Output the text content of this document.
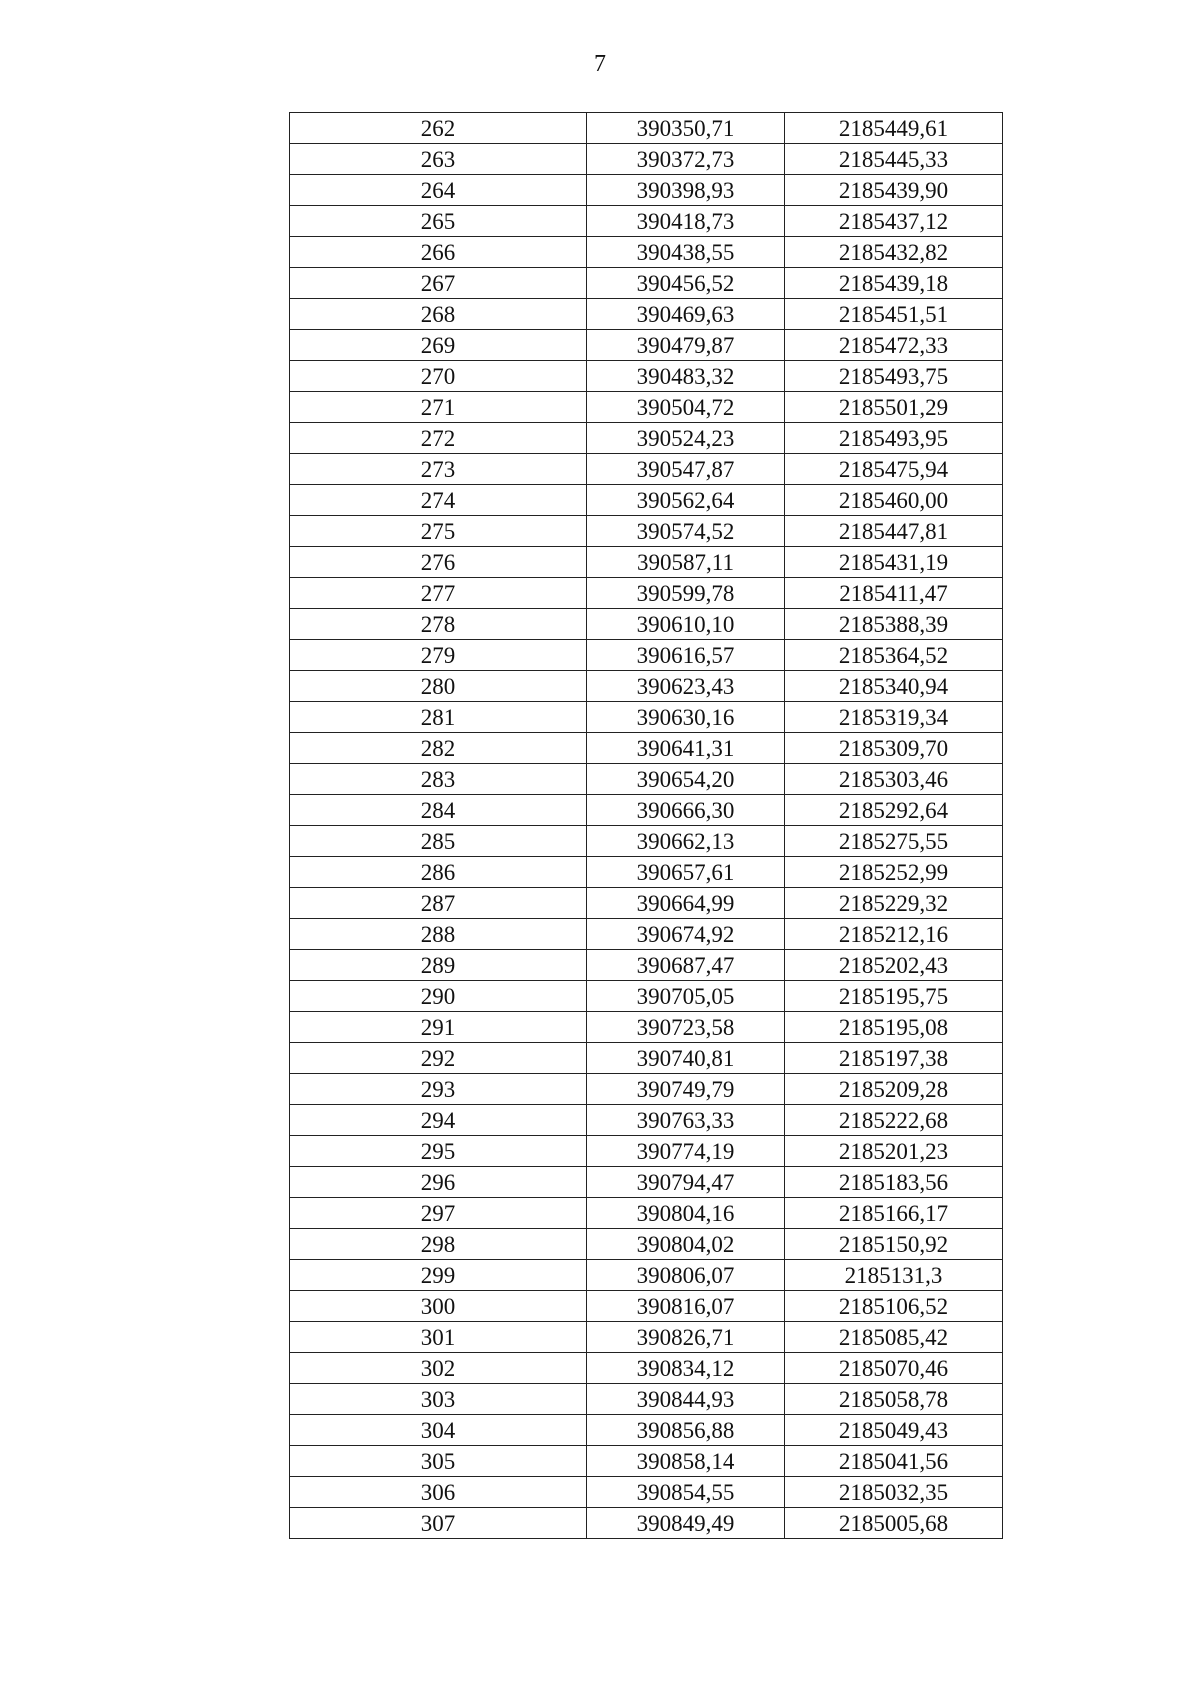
7
262	390350,71	2185449,61
263	390372,73	2185445,33
264	390398,93	2185439,90
265	390418,73	2185437,12
266	390438,55	2185432,82
267	390456,52	2185439,18
268	390469,63	2185451,51
269	390479,87	2185472,33
270	390483,32	2185493,75
271	390504,72	2185501,29
272	390524,23	2185493,95
273	390547,87	2185475,94
274	390562,64	2185460,00
275	390574,52	2185447,81
276	390587,11	2185431,19
277	390599,78	2185411,47
278	390610,10	2185388,39
279	390616,57	2185364,52
280	390623,43	2185340,94
281	390630,16	2185319,34
282	390641,31	2185309,70
283	390654,20	2185303,46
284	390666,30	2185292,64
285	390662,13	2185275,55
286	390657,61	2185252,99
287	390664,99	2185229,32
288	390674,92	2185212,16
289	390687,47	2185202,43
290	390705,05	2185195,75
291	390723,58	2185195,08
292	390740,81	2185197,38
293	390749,79	2185209,28
294	390763,33	2185222,68
295	390774,19	2185201,23
296	390794,47	2185183,56
297	390804,16	2185166,17
298	390804,02	2185150,92
299	390806,07	2185131,3
300	390816,07	2185106,52
301	390826,71	2185085,42
302	390834,12	2185070,46
303	390844,93	2185058,78
304	390856,88	2185049,43
305	390858,14	2185041,56
306	390854,55	2185032,35
307	390849,49	2185005,68
